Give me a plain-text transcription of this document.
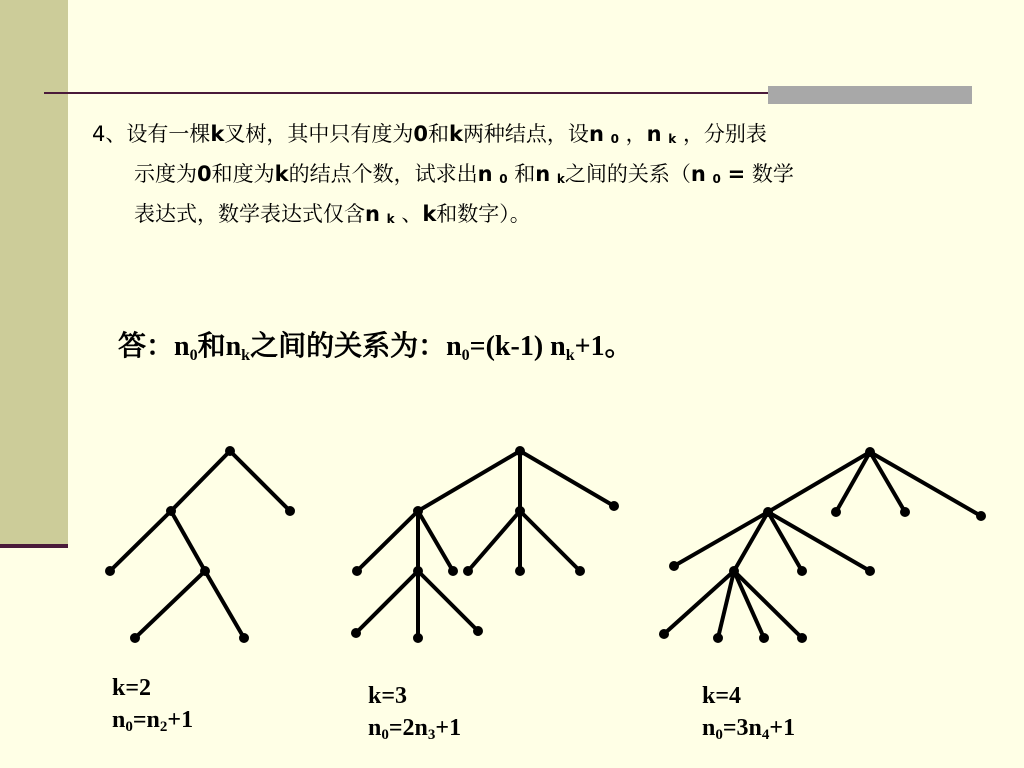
4、设有一棵k叉树，其中只有度为0和k两种结点，设n $_0$ ，n $_k$ ，分别表
示度为0和度为k的结点个数，试求出n $_0$ 和n $_k$之间的关系（n $_0$ = 数学
表达式，数学表达式仅含n $_k$ 、k和数字）。
答：$n_0$和$n_k$之间的关系为：$n_0=(k-1)$ $n_k+1$。
k=2
$n_0=n_2+1$
k=3
$n_0=2n_3+1$
k=4
$n_0=3n_4+1$
